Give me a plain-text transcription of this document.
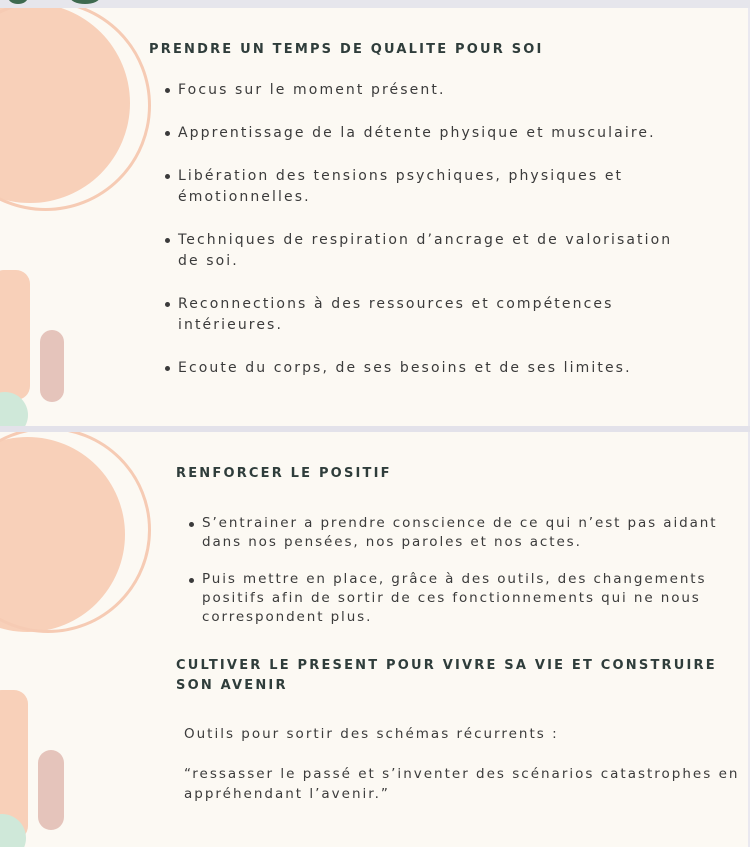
PRENDRE UN TEMPS DE QUALITE POUR SOI
Focus sur le moment présent.
Apprentissage de la détente physique et musculaire.
Libération des tensions psychiques, physiques et émotionnelles.
Techniques de respiration d’ancrage et de valorisation de soi.
Reconnections à des ressources et compétences intérieures.
Ecoute du corps, de ses besoins et de ses limites.
RENFORCER LE POSITIF
S’entrainer a prendre conscience de ce qui n’est pas aidant dans nos pensées, nos paroles et nos actes.
Puis mettre en place, grâce à des outils, des changements positifs afin de sortir de ces fonctionnements qui ne nous correspondent plus.
CULTIVER LE PRESENT POUR VIVRE SA VIE ET CONSTRUIRE SON AVENIR

Outils pour sortir des schémas récurrents :

“ressasser le passé et s’inventer des scénarios catastrophes en appréhendant l’avenir.”
